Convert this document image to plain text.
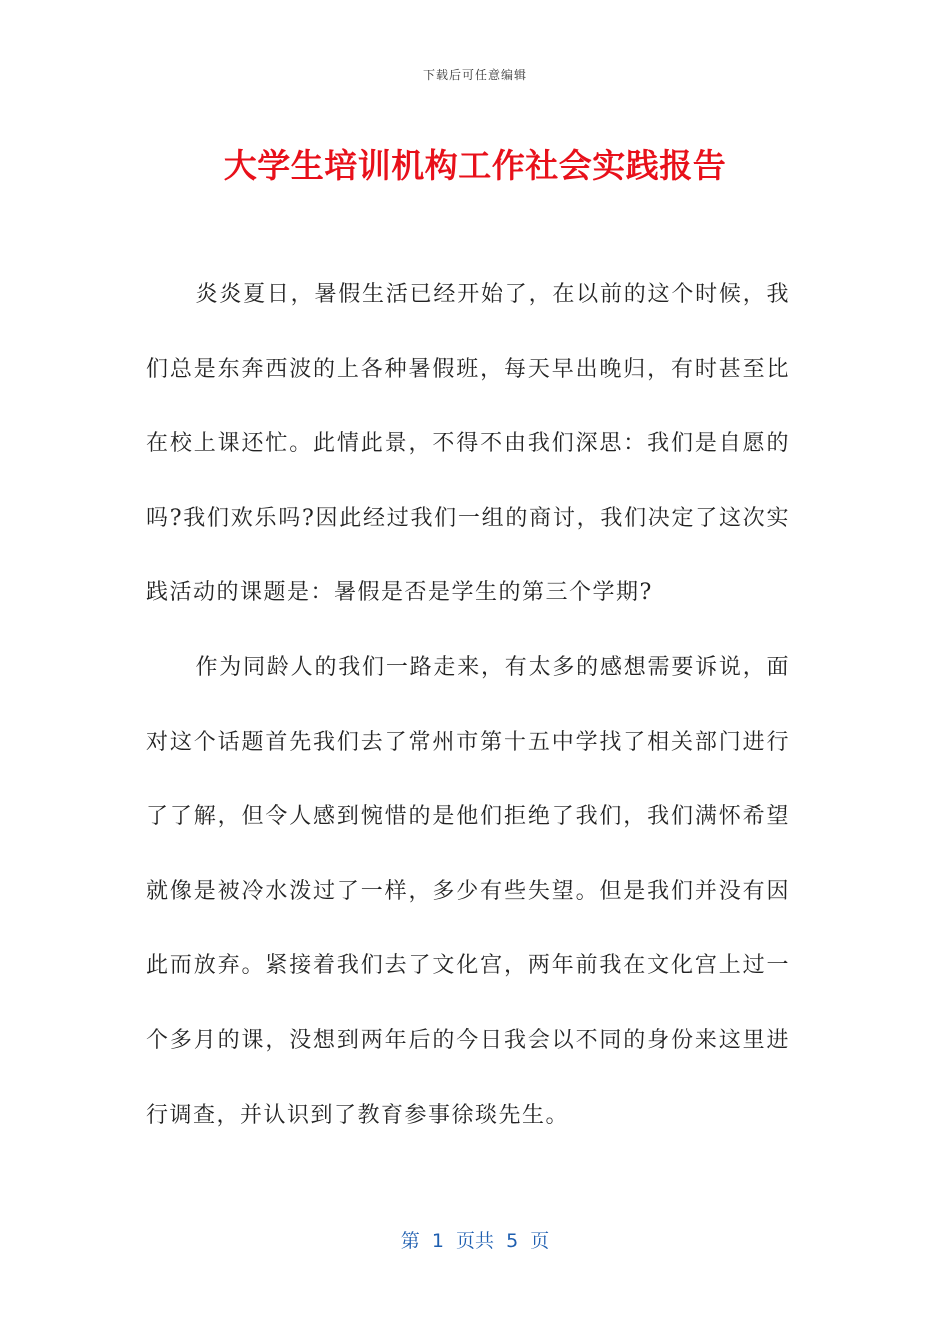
下载后可任意编辑
大学生培训机构工作社会实践报告

炎炎夏日，暑假生活已经开始了，在以前的这个时候，我们总是东奔西波的上各种暑假班，每天早出晚归，有时甚至比在校上课还忙。此情此景，不得不由我们深思：我们是自愿的吗?我们欢乐吗?因此经过我们一组的商讨，我们决定了这次实践活动的课题是：暑假是否是学生的第三个学期?

作为同龄人的我们一路走来，有太多的感想需要诉说，面对这个话题首先我们去了常州市第十五中学找了相关部门进行了了解，但令人感到惋惜的是他们拒绝了我们，我们满怀希望就像是被冷水泼过了一样，多少有些失望。但是我们并没有因此而放弃。紧接着我们去了文化宫，两年前我在文化宫上过一个多月的课，没想到两年后的今日我会以不同的身份来这里进行调查，并认识到了教育参事徐琰先生。

第  1  页共  5  页
